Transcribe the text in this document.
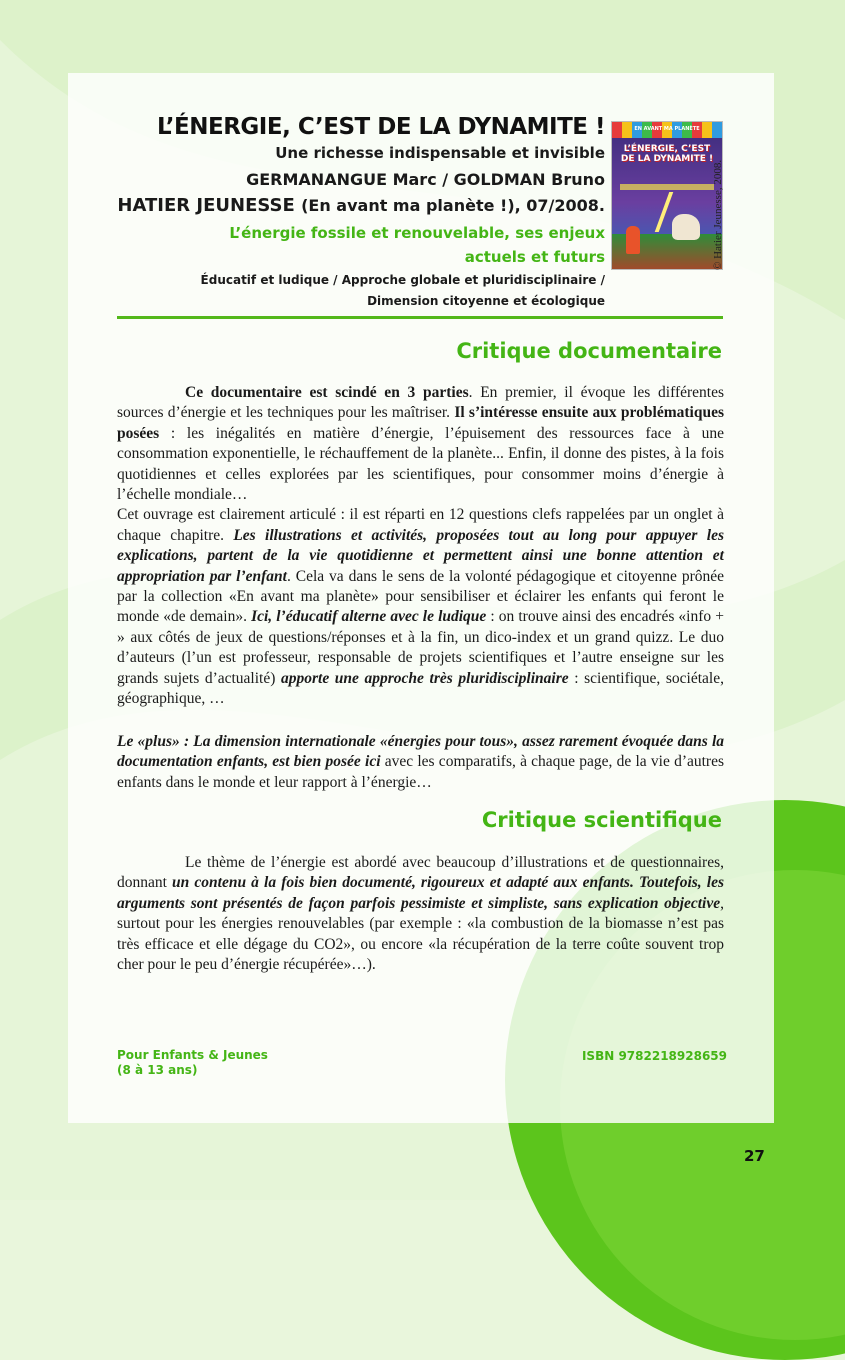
L’ÉNERGIE, C’EST DE LA DYNAMITE !
Une richesse indispensable et invisible
GERMANANGUE Marc / GOLDMAN Bruno
HATIER JEUNESSE (En avant ma planète !), 07/2008.
L’énergie fossile et renouvelable, ses enjeux actuels et futurs
Éducatif et ludique / Approche globale et pluridisciplinaire /
Dimension citoyenne et écologique
EN AVANT MA PLANÈTE
L’ÉNERGIE, C’EST DE LA DYNAMITE !
© Hatier Jeunesse, 2008.
Critique documentaire

Ce documentaire est scindé en 3 parties. En premier, il évoque les différentes sources d’énergie et les techniques pour les maîtriser. Il s’intéresse ensuite aux problématiques posées : les inégalités en matière d’énergie, l’épuisement des ressources face à une consommation exponentielle, le réchauffement de la planète... Enfin, il donne des pistes, à la fois quotidiennes et celles explorées par les scientifiques, pour consommer moins d’énergie à l’échelle mondiale…

Cet ouvrage est clairement articulé : il est réparti en 12 questions clefs rappelées par un onglet à chaque chapitre. Les illustrations et activités, proposées tout au long pour appuyer les explications, partent de la vie quotidienne et permettent ainsi une bonne attention et appropriation par l’enfant. Cela va dans le sens de la volonté pédagogique et citoyenne prônée par la collection «En avant ma planète» pour sensibiliser et éclairer les enfants qui feront le monde «de demain». Ici, l’éducatif alterne avec le ludique : on trouve ainsi des encadrés «info + » aux côtés de jeux de questions/réponses et à la fin, un dico-index et un grand quizz. Le duo d’auteurs (l’un est professeur, responsable de projets scientifiques et l’autre enseigne sur les grands sujets d’actualité) apporte une approche très pluridisciplinaire : scientifique, sociétale, géographique, …

Le «plus» : La dimension internationale «énergies pour tous», assez rarement évoquée dans la documentation enfants, est bien posée ici avec les comparatifs, à chaque page, de la vie d’autres enfants dans le monde et leur rapport à l’énergie…

Critique scientifique

Le thème de l’énergie est abordé avec beaucoup d’illustrations et de questionnaires, donnant un contenu à la fois bien documenté, rigoureux et adapté aux enfants. Toutefois, les arguments sont présentés de façon parfois pessimiste et simpliste, sans explication objective, surtout pour les énergies renouvelables (par exemple : «la combustion de la biomasse n’est pas très efficace et elle dégage du CO2», ou encore «la récupération de la terre coûte souvent trop cher pour le peu d’énergie récupérée»…).

Pour Enfants & Jeunes
(8 à 13 ans)
ISBN 9782218928659
27
